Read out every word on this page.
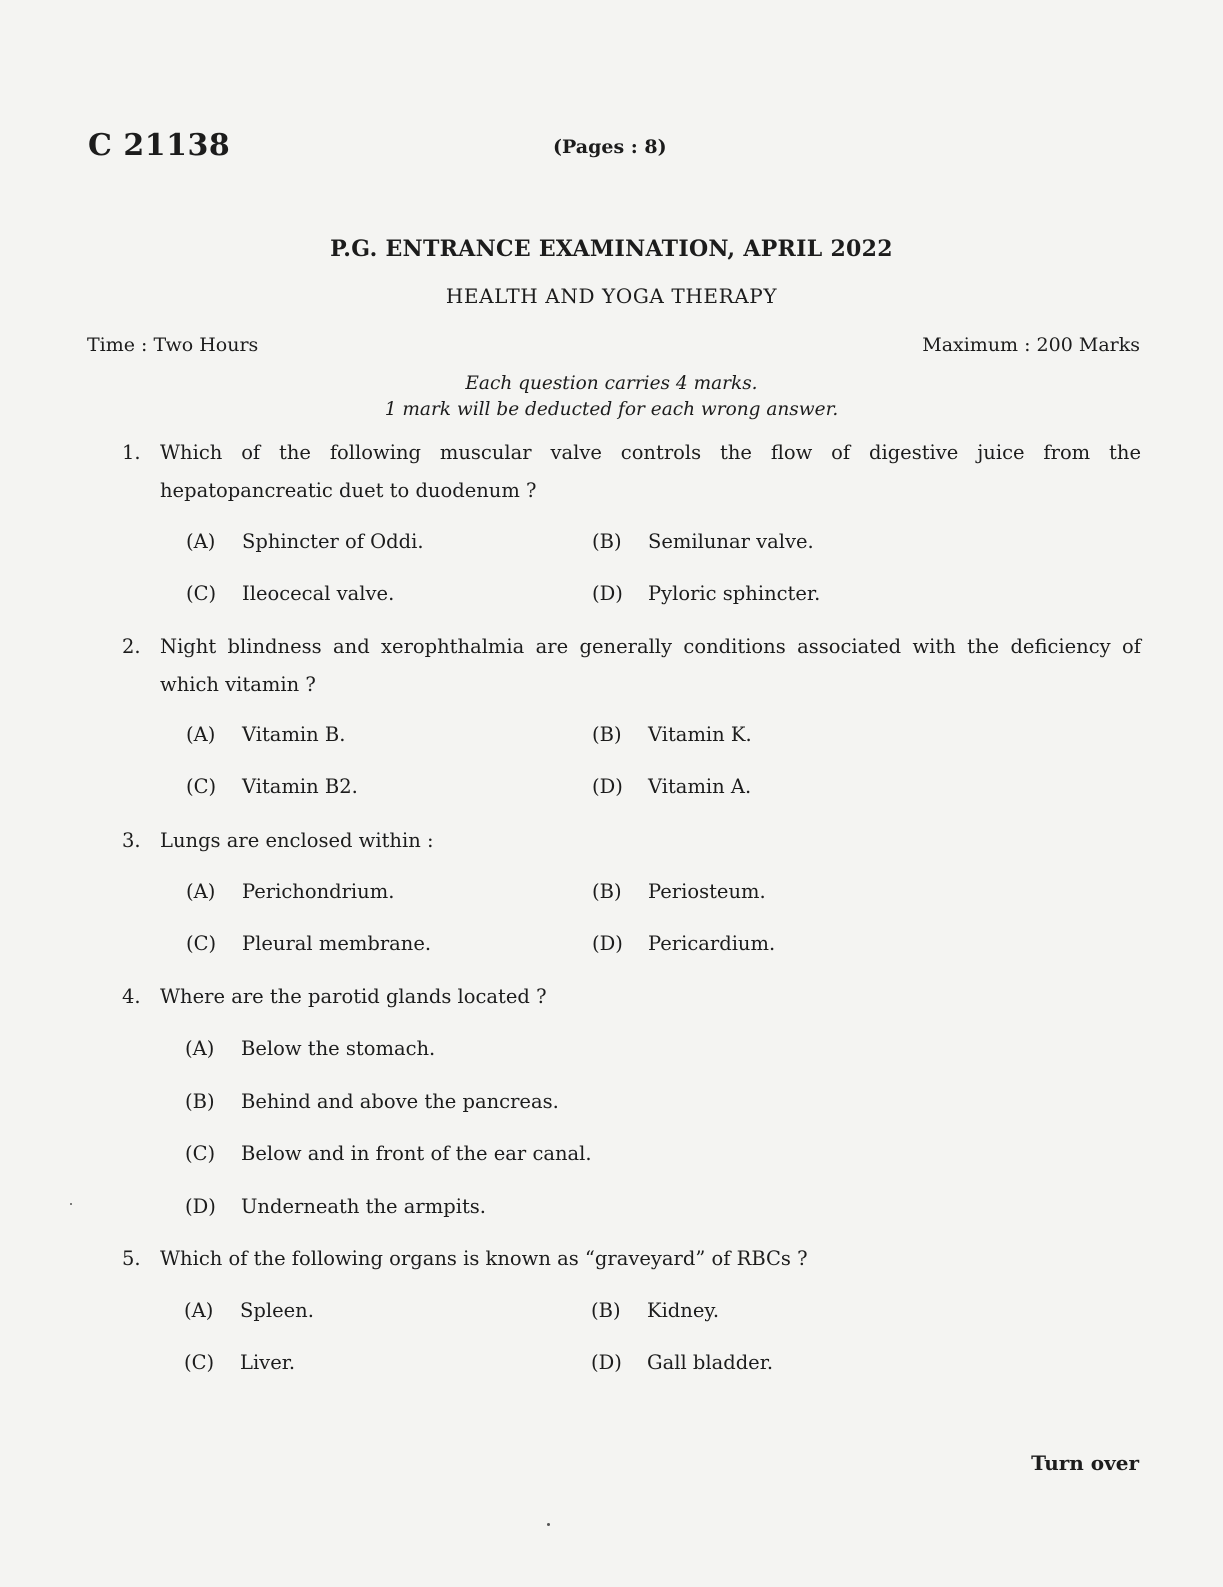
C 21138	(Pages : 8)
P.G. ENTRANCE EXAMINATION, APRIL 2022
HEALTH AND YOGA THERAPY
Time : Two Hours	Maximum : 200 Marks
Each question carries 4 marks.
1 mark will be deducted for each wrong answer.
1. Which of the following muscular valve controls the flow of digestive juice from the hepatopancreatic duet to duodenum ?
(A) Sphincter of Oddi.	(B) Semilunar valve.
(C) Ileocecal valve.	(D) Pyloric sphincter.
2. Night blindness and xerophthalmia are generally conditions associated with the deficiency of which vitamin ?
(A) Vitamin B.	(B) Vitamin K.
(C) Vitamin B2.	(D) Vitamin A.
3. Lungs are enclosed within :
(A) Perichondrium.	(B) Periosteum.
(C) Pleural membrane.	(D) Pericardium.
4. Where are the parotid glands located ?
(A) Below the stomach.
(B) Behind and above the pancreas.
(C) Below and in front of the ear canal.
(D) Underneath the armpits.
5. Which of the following organs is known as “graveyard” of RBCs ?
(A) Spleen.	(B) Kidney.
(C) Liver.	(D) Gall bladder.
Turn over
